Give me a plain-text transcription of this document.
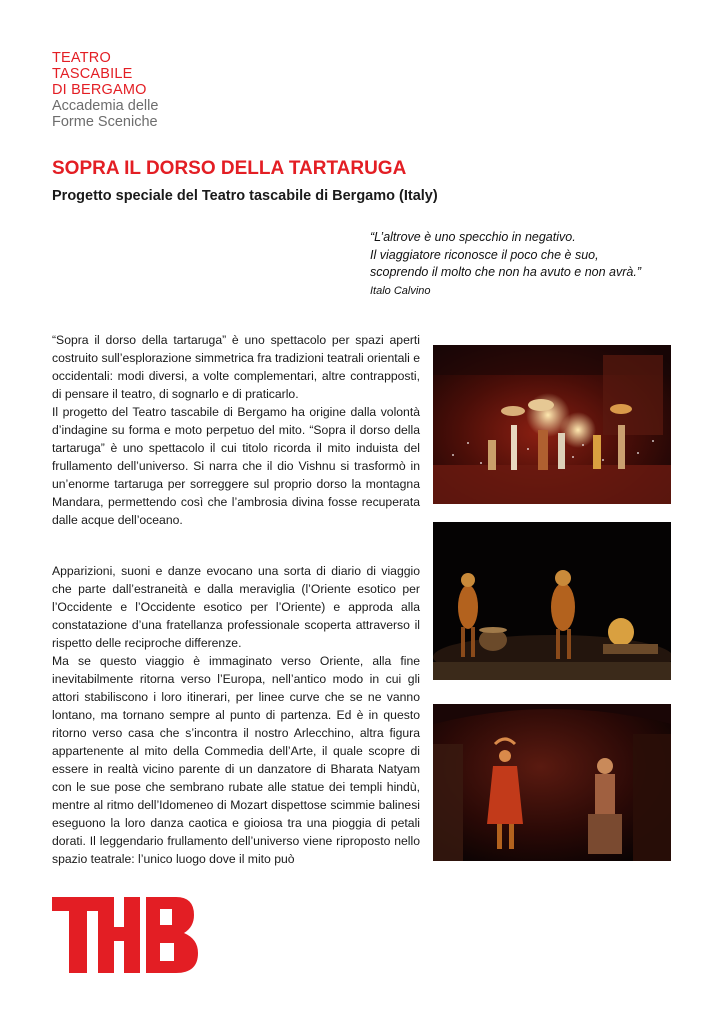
TEATRO
TASCABILE
DI BERGAMO
Accademia delle
Forme Sceniche
SOPRA IL DORSO DELLA TARTARUGA
Progetto speciale del Teatro tascabile di Bergamo (Italy)
“L’altrove è uno specchio in negativo.
Il viaggiatore riconosce il poco che è suo,
scoprendo il molto che non ha avuto e non avrà.”
Italo Calvino

“Sopra il dorso della tartaruga” è uno spettacolo per spazi aperti costruito sull’esplorazione simmetrica fra tradizioni teatrali orientali e occidentali: modi diversi, a volte complementari, altre contrapposti, di pensare il teatro, di sognarlo e di praticarlo.

Il progetto del Teatro tascabile di Bergamo ha origine dalla volontà d’indagine su forma e moto perpetuo del mito. “Sopra il dorso della tartaruga” è uno spettacolo il cui titolo ricorda il mito induista del frullamento dell’universo. Si narra che il dio Vishnu si trasformò in un’enorme tartaruga per sorreggere sul proprio dorso la montagna Mandara, permettendo così che l’ambrosia divina fosse recuperata dalle acque dell’oceano.

Apparizioni, suoni e danze evocano una sorta di diario di viaggio che parte dall’estraneità e dalla meraviglia (l’Oriente esotico per l’Occidente e l’Occidente esotico per l’Oriente) e approda alla constatazione d’una fratellanza professionale scoperta attraverso il rispetto delle reciproche differenze.

Ma se questo viaggio è immaginato verso Oriente, alla fine inevitabilmente ritorna verso l’Europa, nell’antico modo in cui gli attori stabiliscono i loro itinerari, per linee curve che se ne vanno lontano, ma tornano sempre al punto di partenza. Ed è in questo ritorno verso casa che s’incontra il nostro Arlecchino, altra figura appartenente al mito della Commedia dell’Arte, il quale scopre di essere in realtà vicino parente di un danzatore di Bharata Natyam con le sue pose che sembrano rubate alle statue dei templi hindù, mentre al ritmo dell’Idomeneo di Mozart dispettose scimmie balinesi eseguono la loro danza caotica e gioiosa tra una pioggia di petali dorati. Il leggendario frullamento dell’universo viene riproposto nello spazio teatrale: l’unico luogo dove il mito può
